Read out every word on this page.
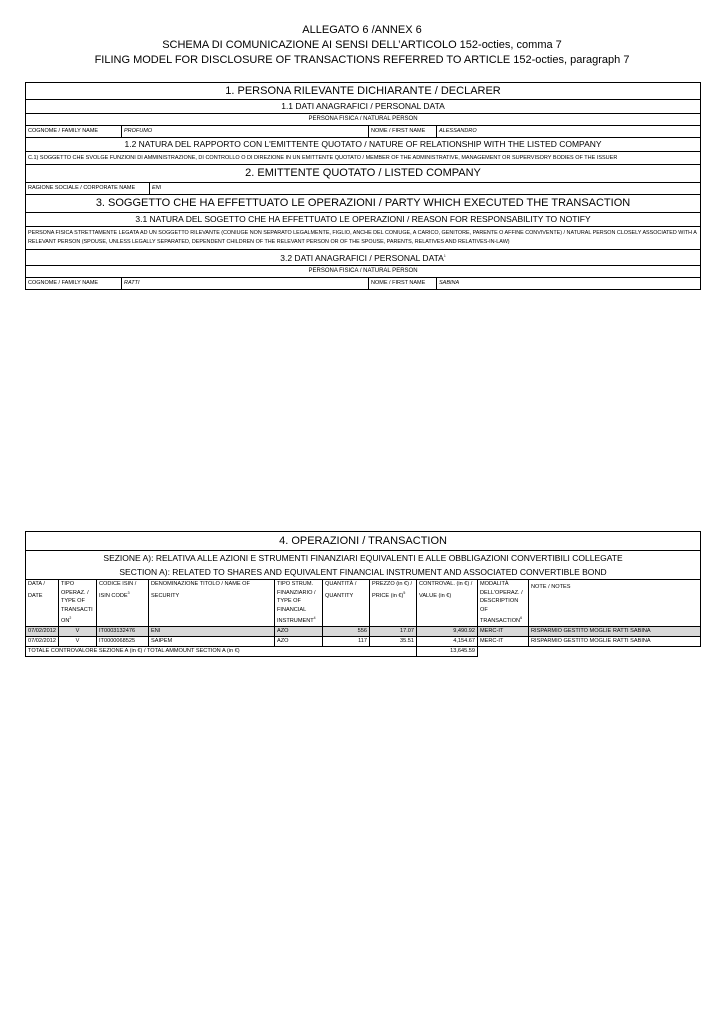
ALLEGATO 6 /ANNEX 6
SCHEMA DI COMUNICAZIONE AI SENSI DELL’ARTICOLO 152-octies, comma 7
FILING MODEL FOR DISCLOSURE OF TRANSACTIONS REFERRED TO ARTICLE 152-octies, paragraph 7
1. PERSONA RILEVANTE DICHIARANTE / DECLARER
1.1 DATI ANAGRAFICI / PERSONAL DATA
PERSONA FISICA / NATURAL PERSON
COGNOME / FAMILY NAME	PROFUMO	NOME / FIRST NAME	ALESSANDRO
1.2 NATURA DEL RAPPORTO CON L'EMITTENTE QUOTATO / NATURE OF RELATIONSHIP WITH THE LISTED COMPANY
C.1) SOGGETTO CHE SVOLGE FUNZIONI DI AMMINISTRAZIONE, DI CONTROLLO O DI DIREZIONE IN UN EMITTENTE QUOTATO / MEMBER OF THE ADMINISTRATIVE, MANAGEMENT OR SUPERVISORY BODIES OF THE ISSUER
2. EMITTENTE QUOTATO / LISTED COMPANY

RAGIONE SOCIALE / CORPORATE NAME	ENI

3. SOGGETTO CHE HA EFFETTUATO LE OPERAZIONI / PARTY WHICH EXECUTED THE TRANSACTION
3.1 NATURA DEL SOGETTO CHE HA EFFETTUATO LE OPERAZIONI / REASON FOR RESPONSABILITY TO NOTIFY
PERSONA FISICA STRETTAMENTE LEGATA AD UN SOGGETTO RILEVANTE (CONIUGE NON SEPARATO LEGALMENTE, FIGLIO, ANCHE DEL CONIUGE, A CARICO, GENITORE, PARENTE O AFFINE CONVIVENTE) / NATURAL PERSON CLOSELY ASSOCIATED WITH A RELEVANT PERSON (SPOUSE, UNLESS LEGALLY SEPARATED, DEPENDENT CHILDREN OF THE RELEVANT PERSON OR OF THE SPOUSE, PARENTS, RELATIVES AND RELATIVES-IN-LAW)
3.2 DATI ANAGRAFICI / PERSONAL DATA$^1$
PERSONA FISICA / NATURAL PERSON
COGNOME / FAMILY NAME	RATTI	NOME / FIRST NAME	SABINA
4. OPERAZIONI / TRANSACTION									

SEZIONE A): RELATIVA ALLE AZIONI E STRUMENTI FINANZIARI EQUIVALENTI E ALLE OBBLIGAZIONI CONVERTIBILI COLLEGATE
SECTION A): RELATED TO SHARES AND EQUIVALENT FINANCIAL INSTRUMENT AND ASSOCIATED CONVERTIBLE BOND									

DATA / DATE	TIPO OPERAZ. / TYPE OF TRANSACTI $ON^2$	CODICE ISIN / ISIN CODE$^3$	DENOMINAZIONE TITOLO / NAME OF SECURITY	TIPO STRUM. FINANZIARIO / TYPE OF FINANCIAL INSTRUMENT$^4$	QUANTITÀ / QUANTITY	PREZZO (in €) / PRICE (in €)$^5$	CONTROVAL. (in €) / VALUE (in €)	MODALITÀ DELL'OPERAZ. / DESCRIPTION OF TRANSACTION$^6$	NOTE / NOTES
07/02/2012	V	IT0003132476	ENI	AZO	556	17.07	9,490.92	MERC-IT	RISPARMIO GESTITO MOGLIE RATTI SABINA
07/02/2012	V	IT0000068525	SAIPEM	AZO	117	35.51	4,154.67	MERC-IT	RISPARMIO GESTITO MOGLIE RATTI SABINA
TOTALE CONTROVALORE SEZIONE A (in €) / TOTAL AMMOUNT SECTION A (in €)							13,645.59		
